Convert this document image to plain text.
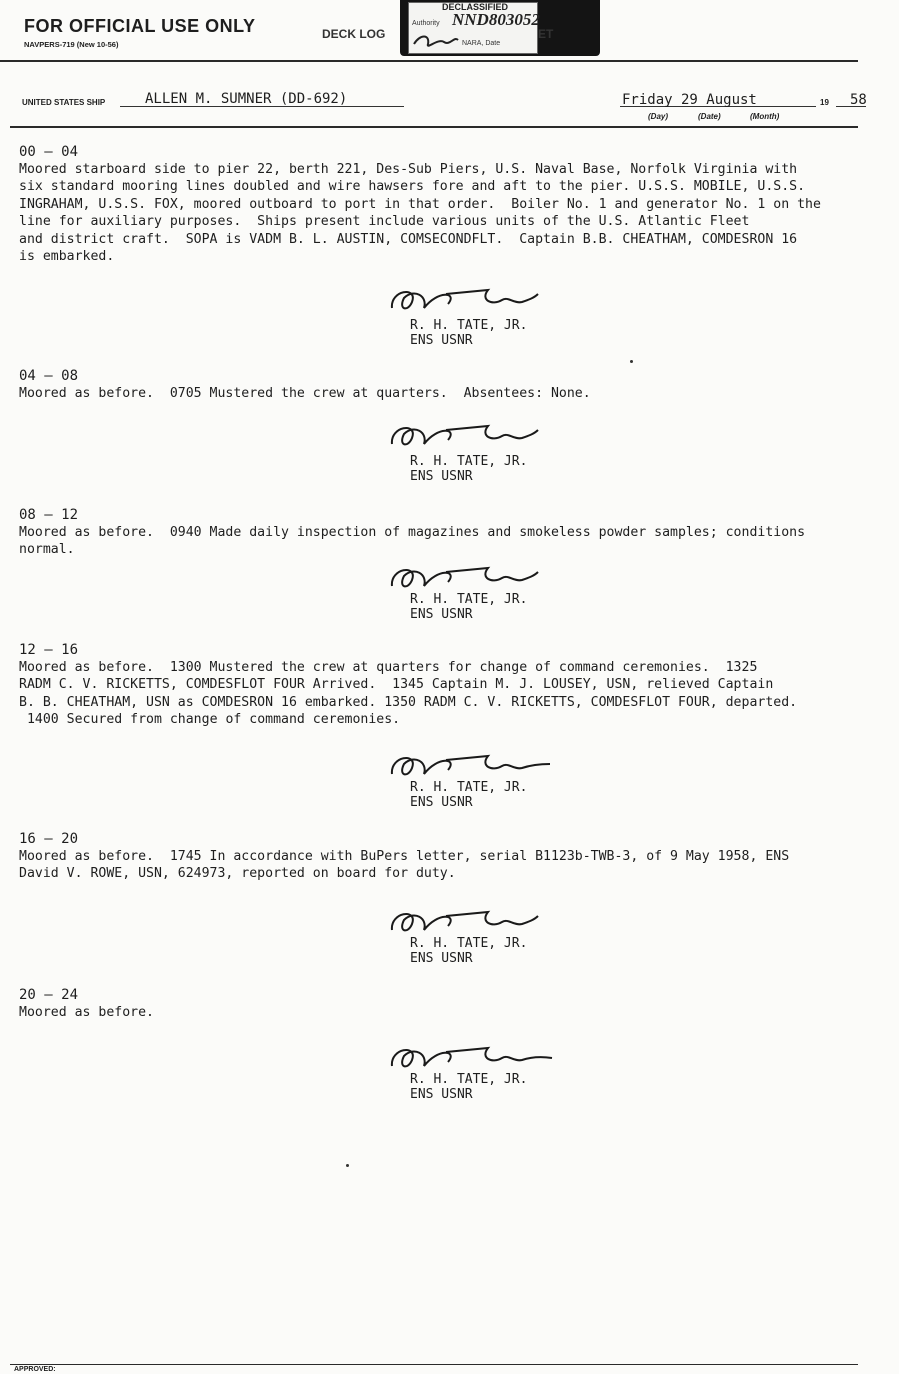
FOR OFFICIAL USE ONLY
NAVPERS-719 (New 10-56)
DECK LOG
DECLASSIFIED
Authority NND803052
NARA, Date
ET
UNITED STATES SHIP	ALLEN M. SUMNER (DD-692)	Friday 29 August	19 58
(Day)	(Date)	(Month)

00 – 04

Moored starboard side to pier 22, berth 221, Des-Sub Piers, U.S. Naval Base, Norfolk Virginia with
six standard mooring lines doubled and wire hawsers fore and aft to the pier. U.S.S. MOBILE, U.S.S.
INGRAHAM, U.S.S. FOX, moored outboard to port in that order.  Boiler No. 1 and generator No. 1 on the
line for auxiliary purposes.  Ships present include various units of the U.S. Atlantic Fleet
and district craft.  SOPA is VADM B. L. AUSTIN, COMSECONDFLT.  Captain B.B. CHEATHAM, COMDESRON 16
is embarked.

R. H. TATE, JR.
ENS USNR

04 – 08

Moored as before.  0705 Mustered the crew at quarters.  Absentees: None.

R. H. TATE, JR.
ENS USNR

08 – 12

Moored as before.  0940 Made daily inspection of magazines and smokeless powder samples; conditions
normal.

R. H. TATE, JR.
ENS USNR

12 – 16

Moored as before.  1300 Mustered the crew at quarters for change of command ceremonies.  1325
RADM C. V. RICKETTS, COMDESFLOT FOUR Arrived.  1345 Captain M. J. LOUSEY, USN, relieved Captain
B. B. CHEATHAM, USN as COMDESRON 16 embarked. 1350 RADM C. V. RICKETTS, COMDESFLOT FOUR, departed.
1400 Secured from change of command ceremonies.

R. H. TATE, JR.
ENS USNR

16 – 20

Moored as before.  1745 In accordance with BuPers letter, serial B1123b-TWB-3, of 9 May 1958, ENS
David V. ROWE, USN, 624973, reported on board for duty.

R. H. TATE, JR.
ENS USNR

20 – 24

Moored as before.

R. H. TATE, JR.
ENS USNR
APPROVED:
